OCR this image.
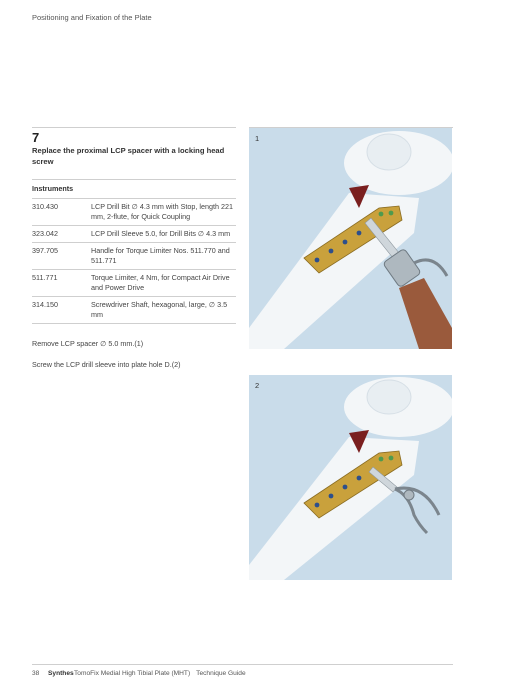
Positioning and Fixation of the Plate
7
Replace the proximal LCP spacer with a locking head screw
Instruments
310.430	LCP Drill Bit ∅ 4.3 mm with Stop, length 221 mm, 2-flute, for Quick Coupling
323.042	LCP Drill Sleeve 5.0, for Drill Bits ∅ 4.3 mm
397.705	Handle for Torque Limiter Nos. 511.770 and 511.771
511.771	Torque Limiter, 4 Nm, for Compact Air Drive and Power Drive
314.150	Screwdriver Shaft, hexagonal, large, ∅ 3.5 mm
Remove LCP spacer ∅ 5.0 mm.(1)
Screw the LCP drill sleeve into plate hole D.(2)
1
2
38	Synthes TomoFix Medial High Tibial Plate (MHT) Technique Guide
